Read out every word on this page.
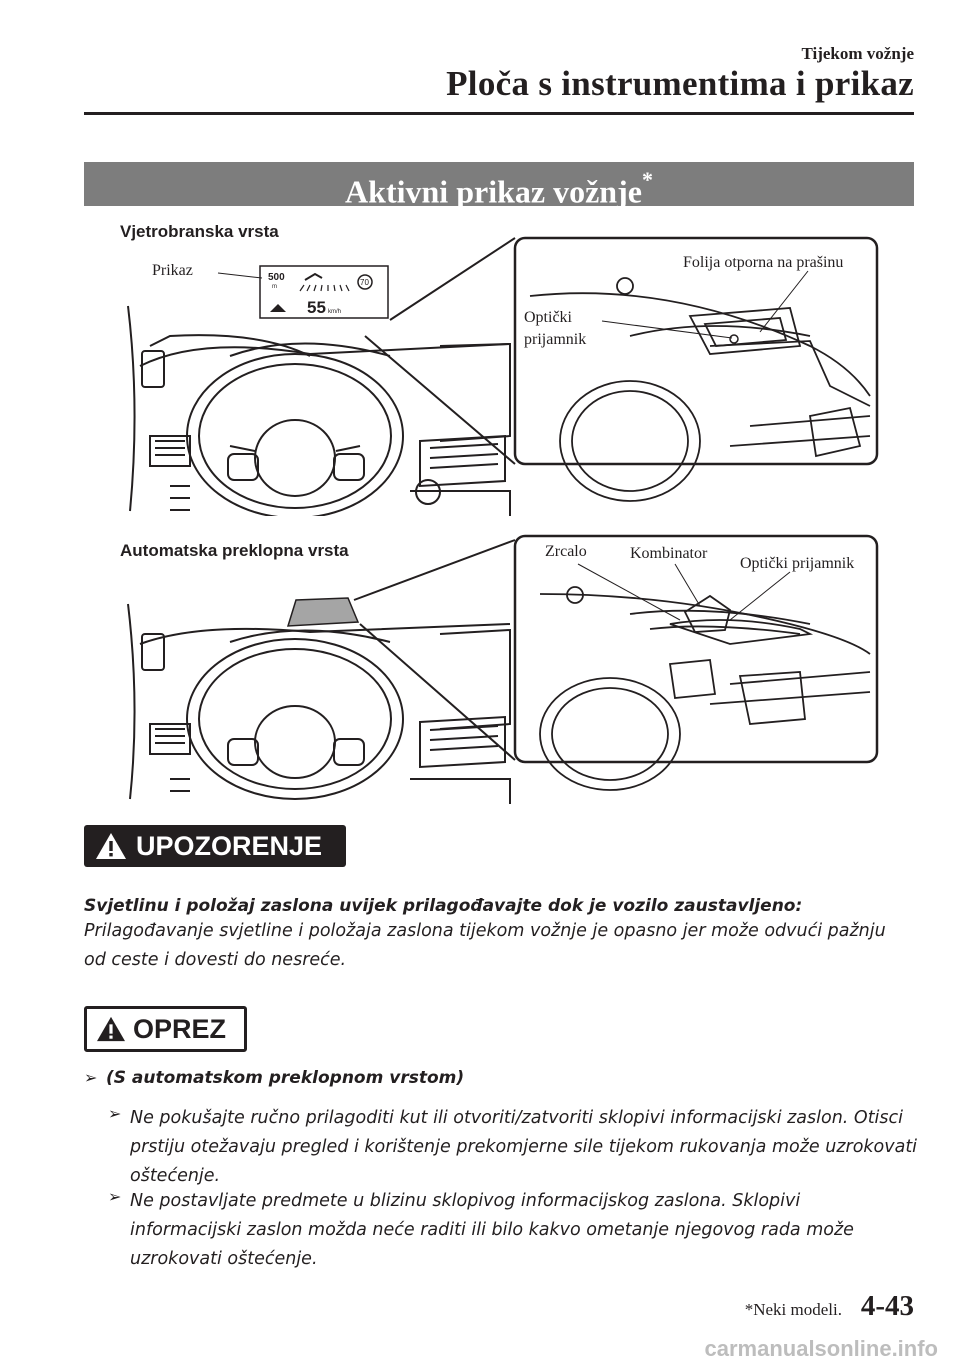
Tijekom vožnje
Ploča s instrumentima i prikaz
Aktivni prikaz vožnje*
Vjetrobranska vrsta
500
m
55 km/h
70
Prikaz	Folija otporna na prašinu
Optički
prijamnik
Automatska preklopna vrsta	Zrcalo	Kombinator
Optički prijamnik
UPOZORENJE
Svjetlinu i položaj zaslona uvijek prilagođavajte dok je vozilo zaustavljeno:
Prilagođavanje svjetline i položaja zaslona tijekom vožnje je opasno jer može odvući pažnju
od ceste i dovesti do nesreće.
OPREZ
➢ (S automatskom preklopnom vrstom)
➢ Ne pokušajte ručno prilagoditi kut ili otvoriti/zatvoriti sklopivi informacijski zaslon. Otisci
prstiju otežavaju pregled i korištenje prekomjerne sile tijekom rukovanja može uzrokovati
oštećenje.
➢ Ne postavljate predmete u blizinu sklopivog informacijskog zaslona. Sklopivi
informacijski zaslon možda neće raditi ili bilo kakvo ometanje njegovog rada može
uzrokovati oštećenje.
*Neki modeli. 4-43
carmanualsonline.info
